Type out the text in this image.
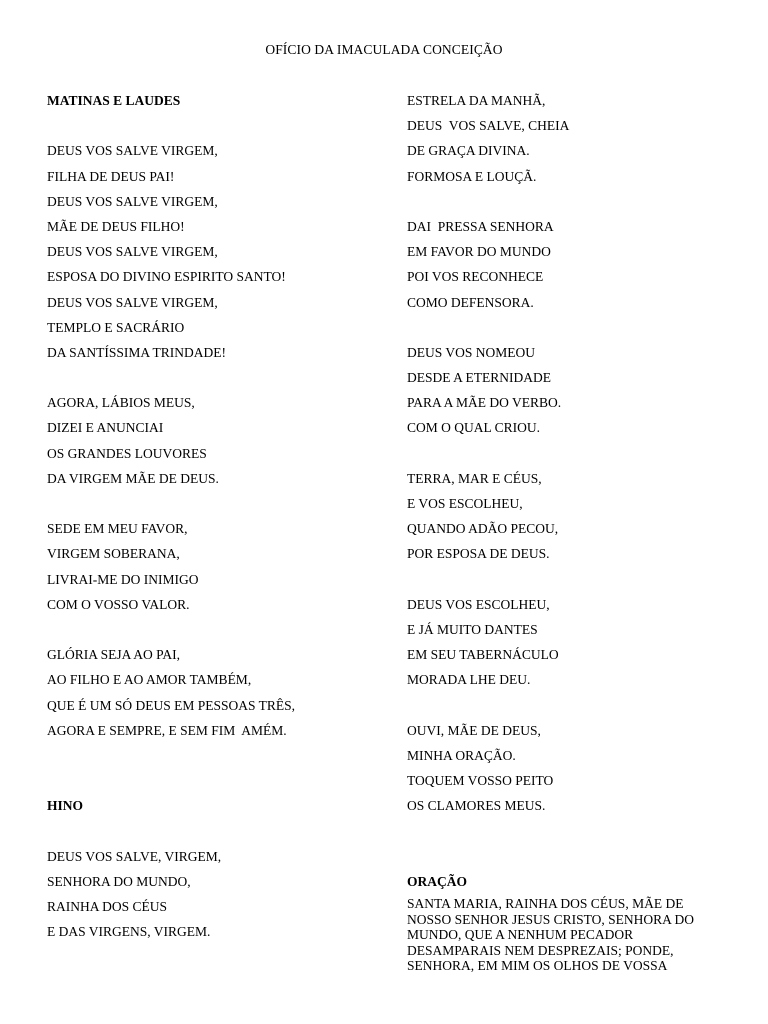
OFÍCIO DA IMACULADA CONCEIÇÃO
MATINAS E LAUDES
DEUS VOS SALVE VIRGEM,
FILHA DE DEUS PAI!
DEUS VOS SALVE VIRGEM,
MÃE DE DEUS FILHO!
DEUS VOS SALVE VIRGEM,
ESPOSA DO DIVINO ESPIRITO SANTO!
DEUS VOS SALVE VIRGEM,
TEMPLO E SACRÁRIO
DA SANTÍSSIMA TRINDADE!
AGORA, LÁBIOS MEUS,
DIZEI E ANUNCIAI
OS GRANDES LOUVORES
DA VIRGEM MÃE DE DEUS.
SEDE EM MEU FAVOR,
VIRGEM SOBERANA,
LIVRAI-ME DO INIMIGO
COM O VOSSO VALOR.
GLÓRIA SEJA AO PAI,
AO FILHO E AO AMOR TAMBÉM,
QUE É UM SÓ DEUS EM PESSOAS TRÊS,
AGORA E SEMPRE, E SEM FIM  AMÉM.
HINO
DEUS VOS SALVE, VIRGEM,
SENHORA DO MUNDO,
RAINHA DOS CÉUS
E DAS VIRGENS, VIRGEM.
ESTRELA DA MANHÃ,
DEUS  VOS SALVE, CHEIA
DE GRAÇA DIVINA.
FORMOSA E LOUÇÃ.
DAI  PRESSA SENHORA
EM FAVOR DO MUNDO
POI VOS RECONHECE
COMO DEFENSORA.
DEUS VOS NOMEOU
DESDE A ETERNIDADE
PARA A MÃE DO VERBO.
COM O QUAL CRIOU.
TERRA, MAR E CÉUS,
E VOS ESCOLHEU,
QUANDO ADÃO PECOU,
POR ESPOSA DE DEUS.
DEUS VOS ESCOLHEU,
E JÁ MUITO DANTES
EM SEU TABERNÁCULO
MORADA LHE DEU.
OUVI, MÃE DE DEUS,
MINHA ORAÇÃO.
TOQUEM VOSSO PEITO
OS CLAMORES MEUS.
ORAÇÃO
SANTA MARIA, RAINHA DOS CÉUS, MÃE DE NOSSO SENHOR JESUS CRISTO, SENHORA DO MUNDO, QUE A NENHUM PECADOR DESAMPARAIS NEM DESPREZAIS; PONDE, SENHORA, EM MIM OS OLHOS DE VOSSA
